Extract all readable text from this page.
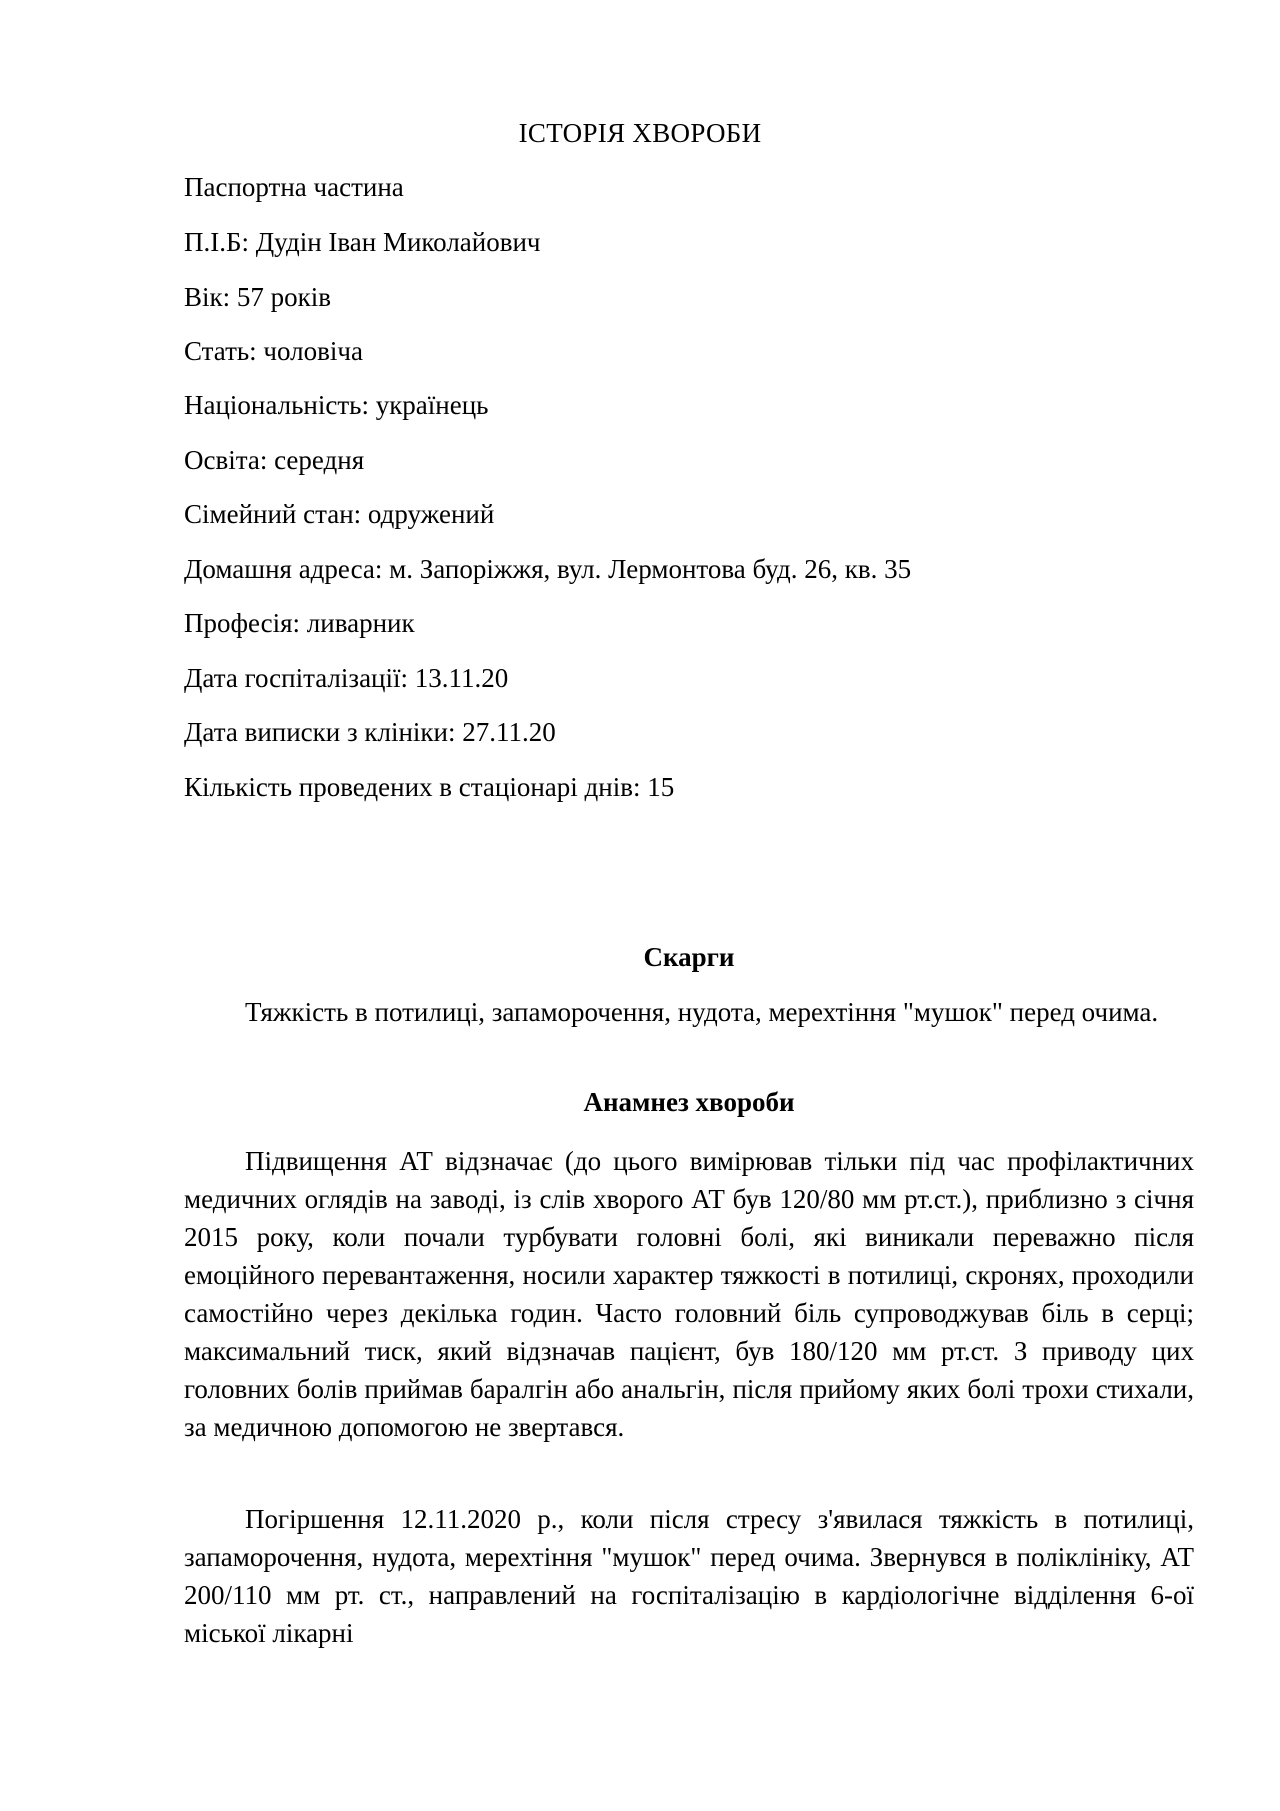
ІСТОРІЯ ХВОРОБИ
Паспортна частина
П.І.Б: Дудін Іван Миколайович
Вік: 57 років
Стать: чоловіча
Національність: українець
Освіта: середня
Сімейний стан: одружений
Домашня адреса: м. Запоріжжя, вул. Лермонтова буд. 26, кв. 35
Професія: ливарник
Дата госпіталізації: 13.11.20
Дата виписки з клініки: 27.11.20
Кількість проведених в стаціонарі днів: 15
Скарги

Тяжкість в потилиці, запаморочення, нудота, мерехтіння "мушок" перед очима.

Анамнез хвороби

Підвищення АТ відзначає (до цього вимірював тільки під час профілактичних медичних оглядів на заводі, із слів хворого АТ був 120/80 мм рт.ст.), приблизно з січня 2015 року, коли почали турбувати головні болі, які виникали переважно після емоційного перевантаження, носили характер тяжкості в потилиці, скронях, проходили самостійно через декілька годин. Часто головний біль супроводжував біль в серці; максимальний тиск, який відзначав пацієнт, був 180/120 мм рт.ст. З приводу цих головних болів приймав баралгін або анальгін, після прийому яких болі трохи стихали, за медичною допомогою не звертався.

Погіршення 12.11.2020 р., коли після стресу з'явилася тяжкість в потилиці, запаморочення, нудота, мерехтіння "мушок" перед очима. Звернувся в поліклініку, АТ 200/110 мм рт. ст., направлений на госпіталізацію в кардіологічне відділення 6-ої міської лікарні
